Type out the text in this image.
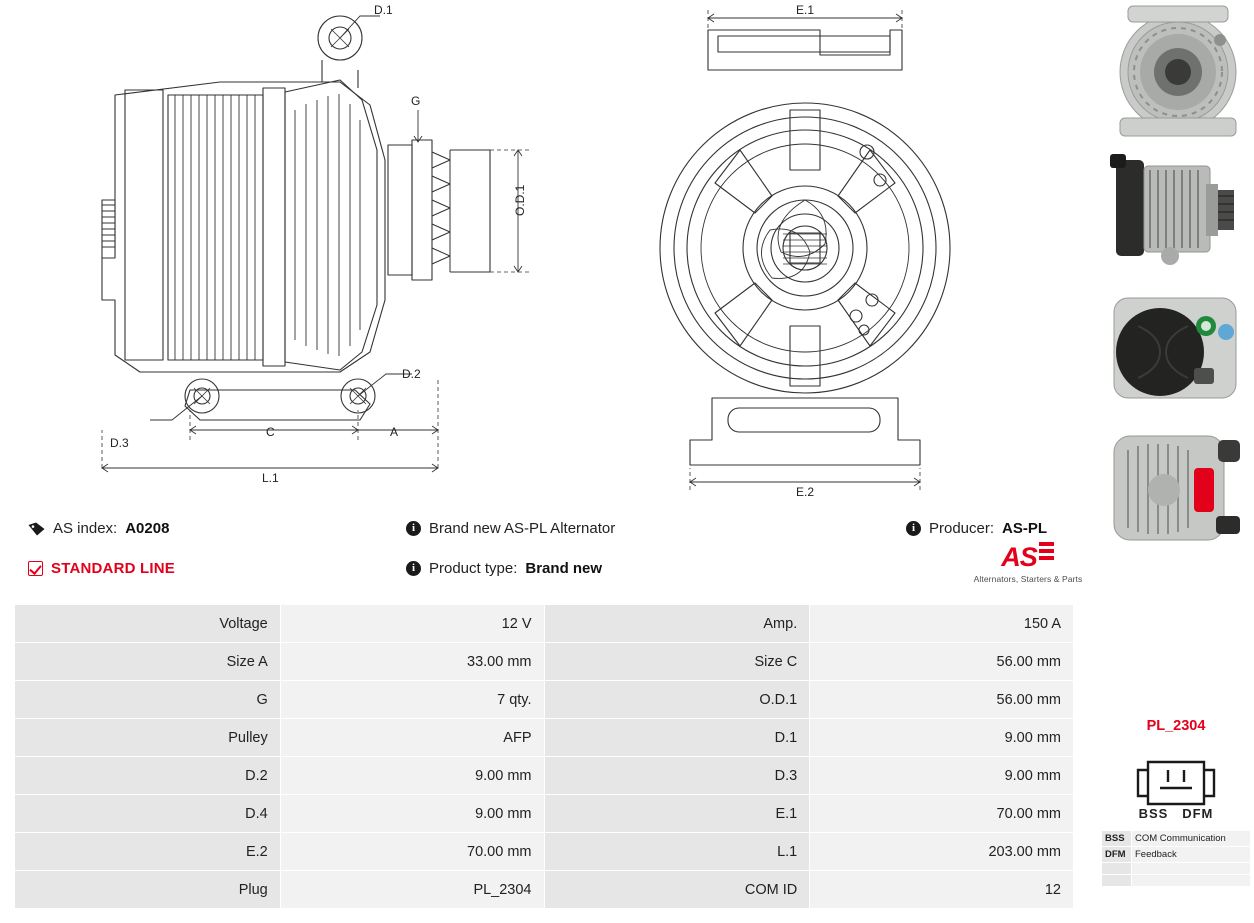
D.1
G
O.D.1
D.2
D.3
C	A
L.1
E.1
E.2
AS index: A0208
STANDARD LINE
i Brand new AS-PL Alternator
i Product type: Brand new
i Producer: AS-PL
AS
Alternators, Starters & Parts
Voltage	12 V	Amp.	150 A
Size A	33.00 mm	Size C	56.00 mm
G	7 qty.	O.D.1	56.00 mm
Pulley	AFP	D.1	9.00 mm
D.2	9.00 mm	D.3	9.00 mm
D.4	9.00 mm	E.1	70.00 mm
E.2	70.00 mm	L.1	203.00 mm
Plug	PL_2304	COM ID	12
PL_2304
BSS DFM
BSS	COM Communication
DFM	Feedback
